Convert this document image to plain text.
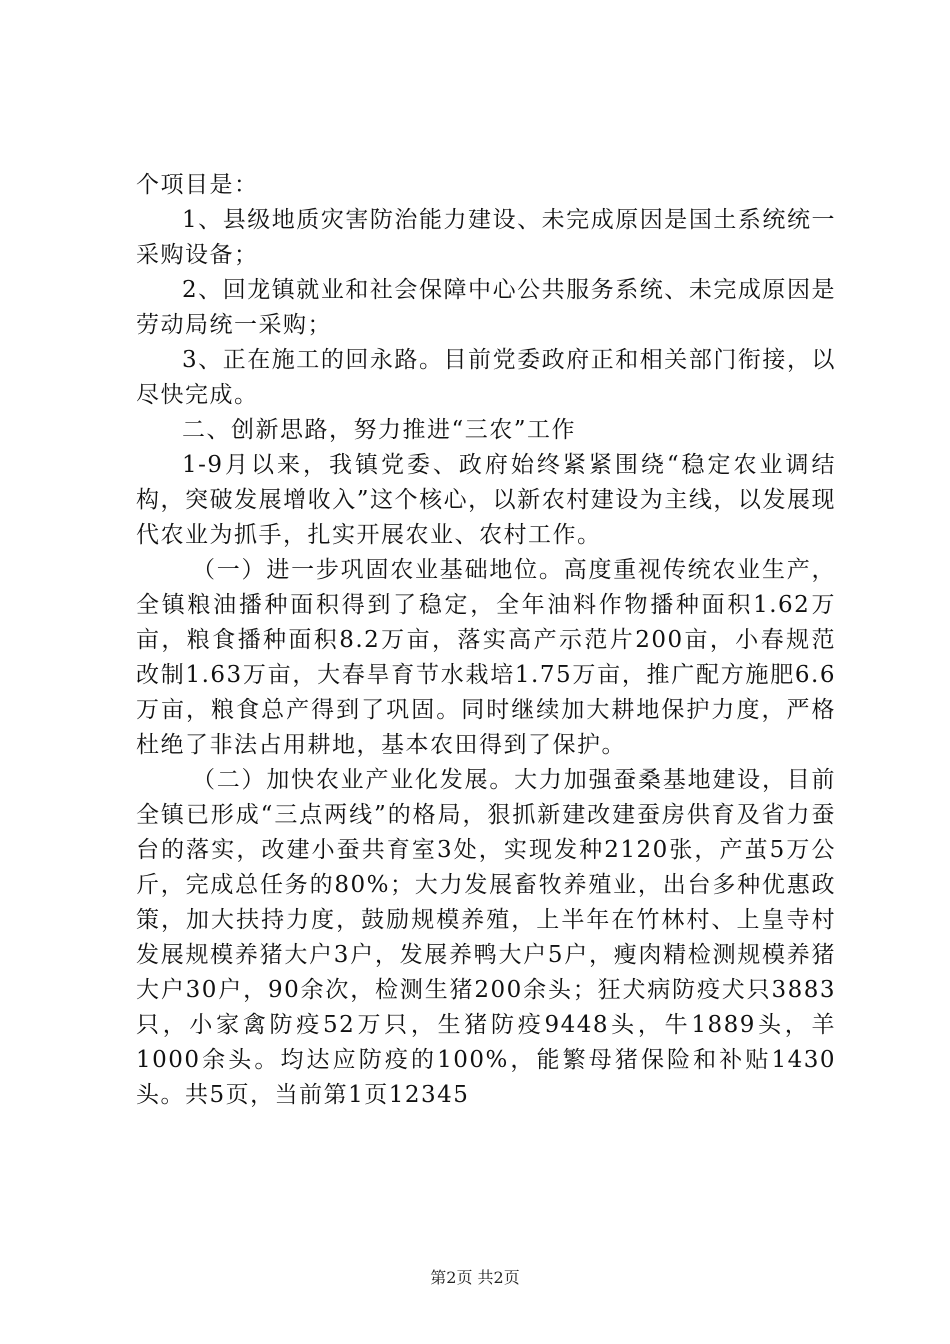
个项目是：

1、县级地质灾害防治能力建设、未完成原因是国土系统统一采购设备；

2、回龙镇就业和社会保障中心公共服务系统、未完成原因是劳动局统一采购；

3、正在施工的回永路。目前党委政府正和相关部门衔接，以尽快完成。

二、创新思路，努力推进“三农”工作

1-9月以来，我镇党委、政府始终紧紧围绕“稳定农业调结构，突破发展增收入”这个核心，以新农村建设为主线，以发展现代农业为抓手，扎实开展农业、农村工作。

（一）进一步巩固农业基础地位。高度重视传统农业生产，全镇粮油播种面积得到了稳定，全年油料作物播种面积1.62万亩，粮食播种面积8.2万亩，落实高产示范片200亩，小春规范改制1.63万亩，大春旱育节水栽培1.75万亩，推广配方施肥6.6万亩，粮食总产得到了巩固。同时继续加大耕地保护力度，严格杜绝了非法占用耕地，基本农田得到了保护。

（二）加快农业产业化发展。大力加强蚕桑基地建设，目前全镇已形成“三点两线”的格局，狠抓新建改建蚕房供育及省力蚕台的落实，改建小蚕共育室3处，实现发种2120张，产茧5万公斤，完成总任务的80%；大力发展畜牧养殖业，出台多种优惠政策，加大扶持力度，鼓励规模养殖，上半年在竹林村、上皇寺村发展规模养猪大户3户，发展养鸭大户5户，瘦肉精检测规模养猪大户30户，90余次，检测生猪200余头；狂犬病防疫犬只3883只，小家禽防疫52万只，生猪防疫9448头，牛1889头，羊1000余头。均达应防疫的100%，能繁母猪保险和补贴1430头。共5页，当前第1页12345

第2页 共2页
